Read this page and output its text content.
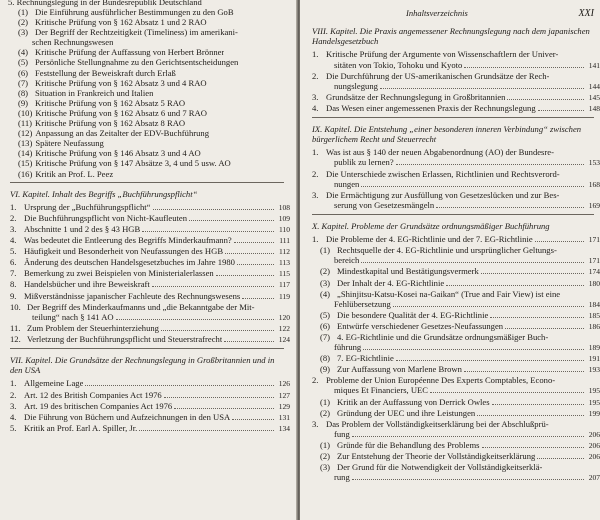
5. Rechnungslegung in der Bundesrepublik Deutschland
(1) Die Einführung ausführlicher Bestimmungen zu den GoB
(2) Kritische Prüfung von § 162 Absatz 1 und 2 RAO
(3) Der Begriff der Rechtzeitigkeit (Timeliness) im amerikani-
schen Rechnungswesen
(4) Kritische Prüfung der Auffassung von Herbert Brönner
(5) Persönliche Stellungnahme zu den Gerichtsentscheidungen
(6) Feststellung der Beweiskraft durch Erlaß
(7) Kritische Prüfung von § 162 Absatz 3 und 4 RAO
(8) Situation in Frankreich und Italien
(9) Kritische Prüfung von § 162 Absatz 5 RAO
(10) Kritische Prüfung von § 162 Absatz 6 und 7 RAO
(11) Kritische Prüfung von § 162 Absatz 8 RAO
(12) Anpassung an das Zeitalter der EDV-Buchführung
(13) Spätere Neufassung
(14) Kritische Prüfung von § 146 Absatz 3 und 4 AO
(15) Kritische Prüfung von § 147 Absätze 3, 4 und 5 usw. AO
(16) Kritik an Prof. L. Peez
VI. Kapitel. Inhalt des Begriffs „Buchführungspflicht“
1. Ursprung der „Buchführungspflicht“	108
2. Die Buchführungspflicht von Nicht-Kaufleuten	109
3. Abschnitte 1 und 2 des § 43 HGB	110
4. Was bedeutet die Entleerung des Begriffs Minderkaufmann?	111
5. Häufigkeit und Besonderheit von Neufassungen des HGB	112
6. Änderung des deutschen Handelsgesetzbuches im Jahre 1980	113
7. Bemerkung zu zwei Beispielen von Ministerialerlassen	115
8. Handelsbücher und ihre Beweiskraft	117
9. Mißverständnisse japanischer Fachleute des Rechnungswesens	119
10. Der Begriff des Minderkaufmanns und „die Bekanntgabe der Mit-
teilung“ nach § 141 AO	120
11. Zum Problem der Steuerhinterziehung	122
12. Verletzung der Buchführungspflicht und Steuerstrafrecht	124
VII. Kapitel. Die Grundsätze der Rechnungslegung in Großbritannien und in
den USA
1. Allgemeine Lage	126
2. Art. 12 des British Companies Act 1976	127
3. Art. 19 des britischen Companies Act 1976	129
4. Die Führung von Büchern und Aufzeichnungen in den USA	131
5. Kritik an Prof. Earl A. Spiller, Jr.	134
Inhaltsverzeichnis	XXI
VIII. Kapitel. Die Praxis angemessener Rechnungslegung nach dem japanischen
Handelsgesetzbuch
1. Kritische Prüfung der Argumente von Wissenschaftlern der Univer-
sitäten von Tokio, Tohoku und Kyoto	141
2. Die Durchführung der US-amerikanischen Grundsätze der Rech-
nungslegung	144
3. Grundsätze der Rechnungslegung in Großbritannien	145
4. Das Wesen einer angemessenen Praxis der Rechnungslegung	148
IX. Kapitel. Die Entstehung „einer besonderen inneren Verbindung“ zwischen
bürgerlichem Recht und Steuerrecht
1. Was ist aus § 140 der neuen Abgabenordnung (AO) der Bundesre-
publik zu lernen?	153
2. Die Unterschiede zwischen Erlassen, Richtlinien und Rechtsverord-
nungen	168
3. Die Ermächtigung zur Ausfüllung von Gesetzeslücken und zur Bes-
serung von Gesetzesmängeln	169
X. Kapitel. Probleme der Grundsätze ordnungsmäßiger Buchführung
1. Die Probleme der 4. EG-Richtlinie und der 7. EG-Richtlinie	171
(1) Rechtsquelle der 4. EG-Richtlinie und ursprünglicher Geltungs-
bereich	171
(2) Mindestkapital und Bestätigungsvermerk	174
(3) Der Inhalt der 4. EG-Richtlinie	180
(4) „Shinjitsu-Katsu-Kosei na-Gaikan“ (True and Fair View) ist eine
Fehlübersetzung	184
(5) Die besondere Qualität der 4. EG-Richtlinie	185
(6) Entwürfe verschiedener Gesetzes-Neufassungen	186
(7) 4. EG-Richtlinie und die Grundsätze ordnungsmäßiger Buch-
führung	189
(8) 7. EG-Richtlinie	191
(9) Zur Auffassung von Marlene Brown	193
2. Probleme der Union Européenne Des Experts Comptables, Econo-
miques Et Financiers, UEC	195
(1) Kritik an der Auffassung von Derrick Owles	195
(2) Gründung der UEC und ihre Leistungen	199
3. Das Problem der Vollständigkeitserklärung bei der Abschlußprü-
fung	206
(1) Gründe für die Behandlung des Problems	206
(2) Zur Entstehung der Theorie der Vollständigkeitserklärung	206
(3) Der Grund für die Notwendigkeit der Vollständigkeitserklä-
rung	207
